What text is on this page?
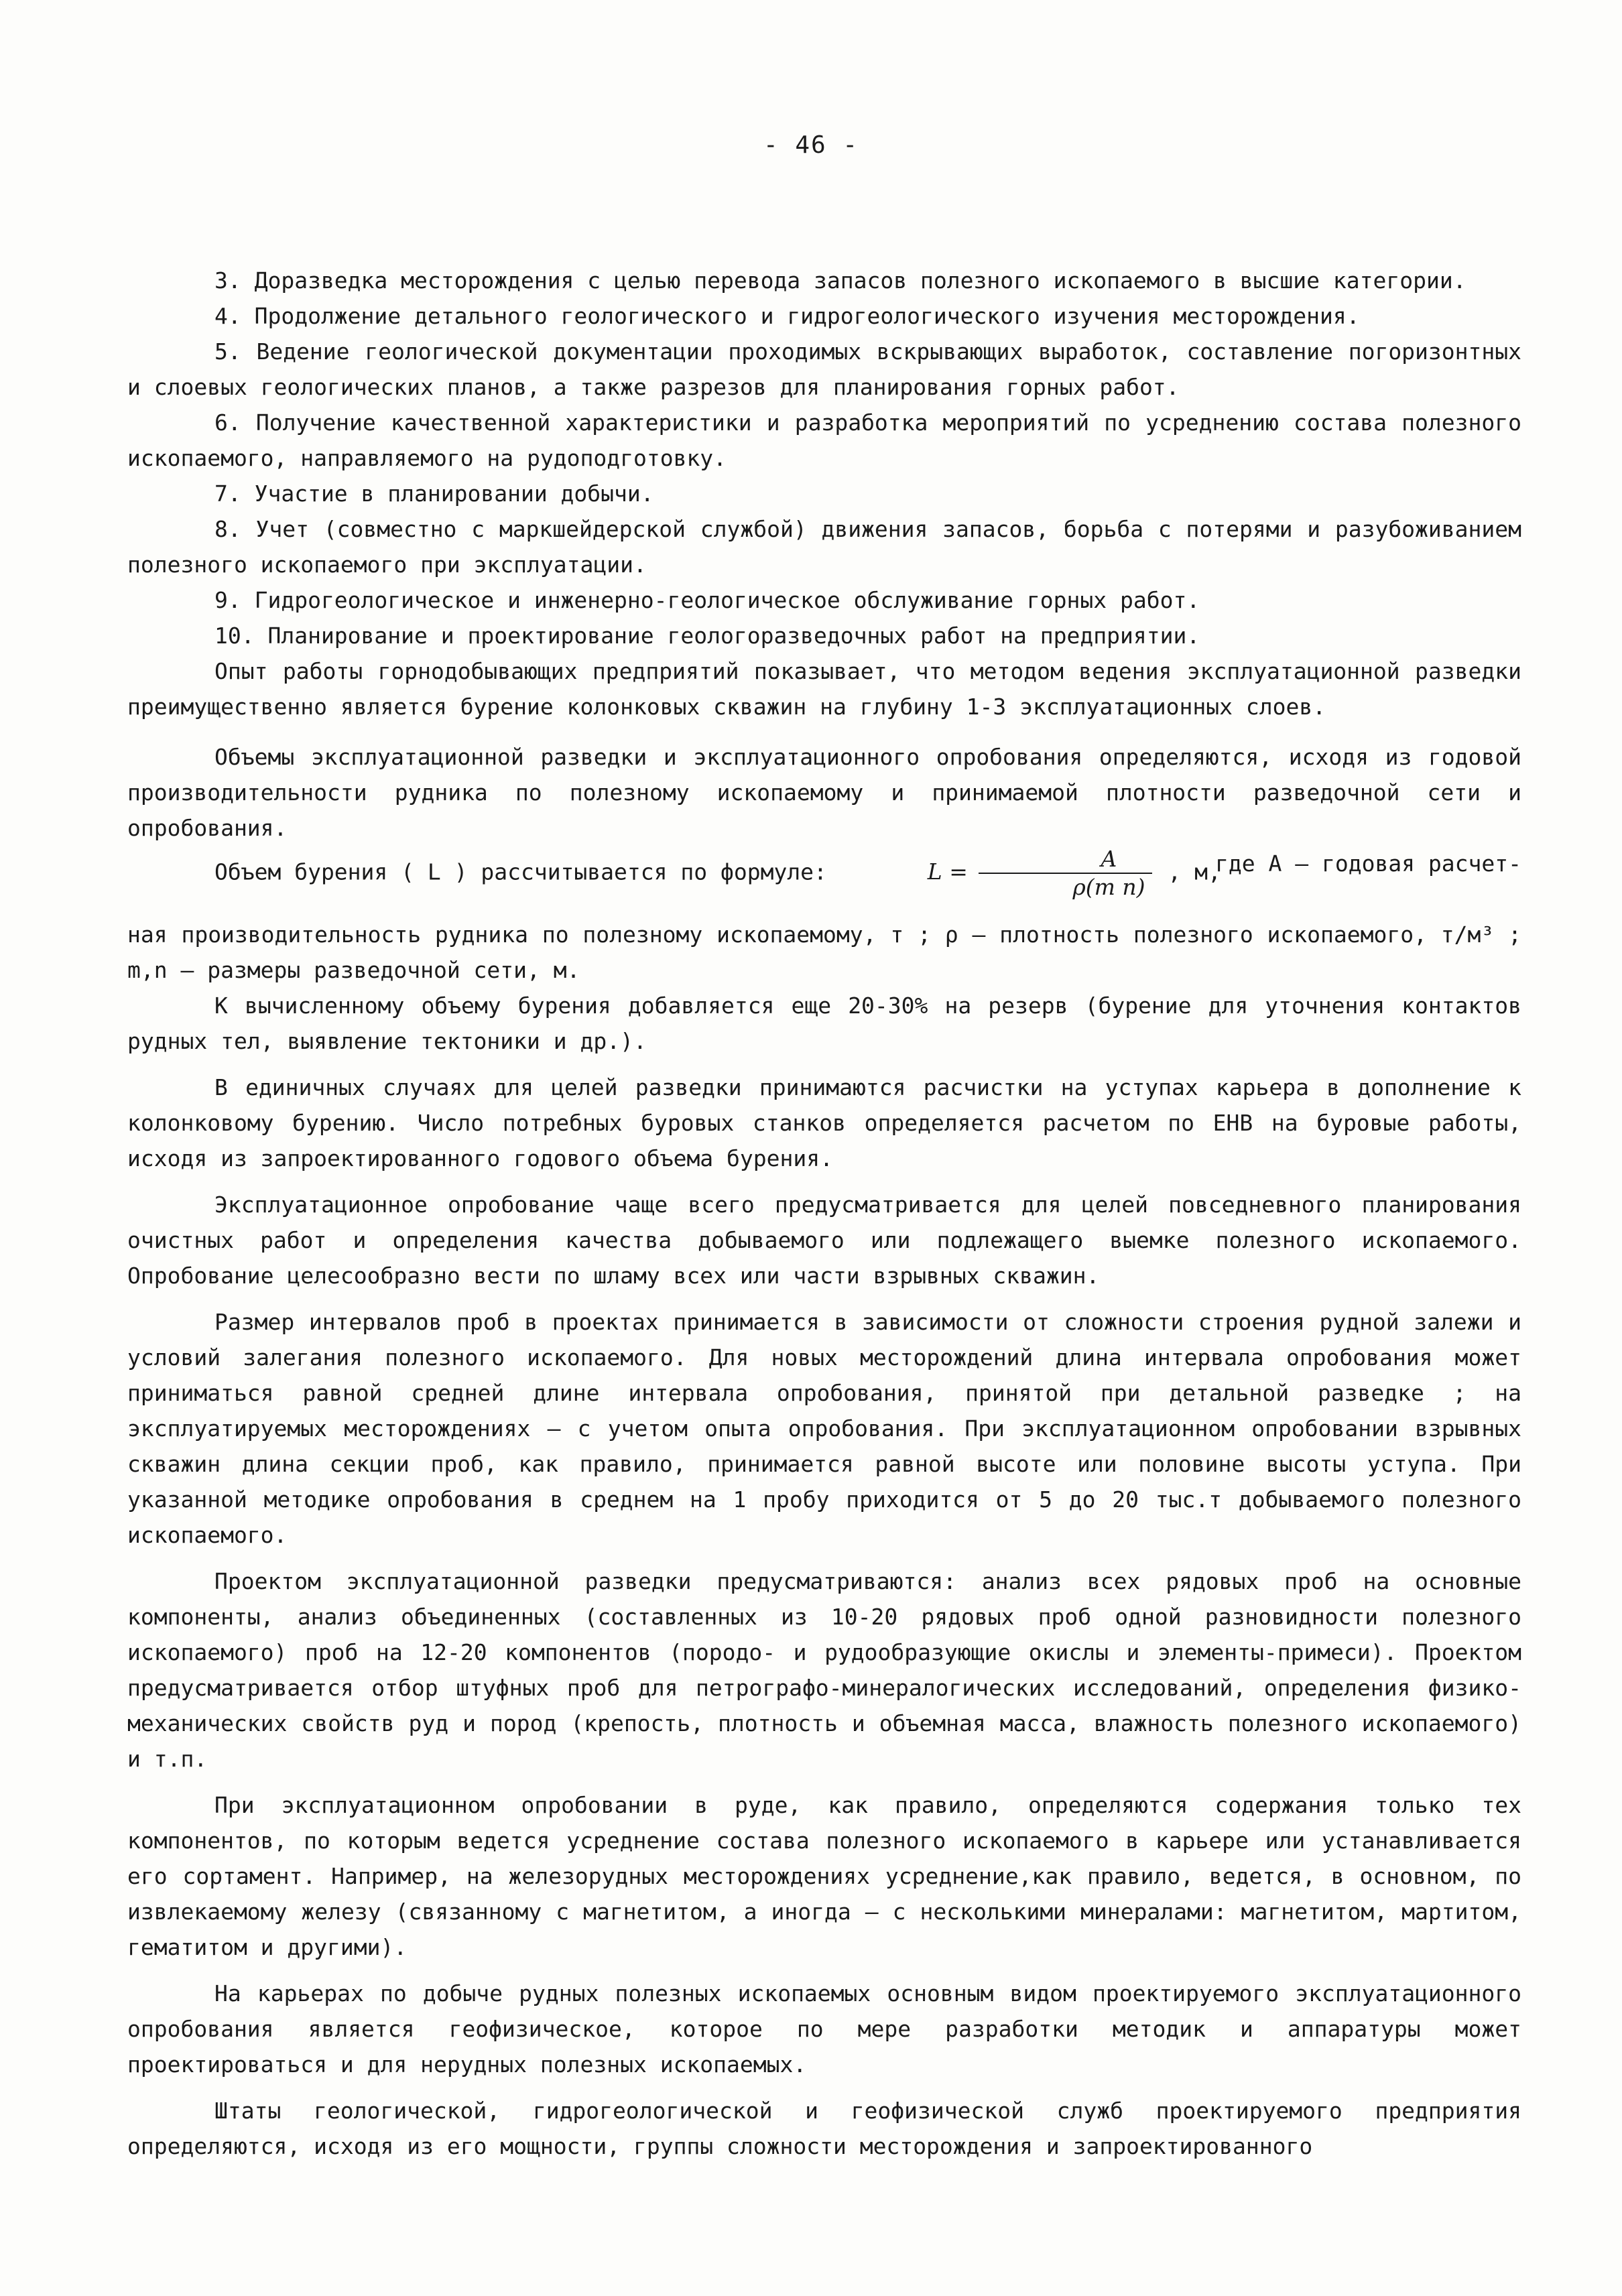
- 46 -

3. Доразведка месторождения с целью перевода запасов полезного ископаемого в высшие категории.

4. Продолжение детального геологического и гидрогеологического изучения месторождения.

5. Ведение геологической документации проходимых вскрывающих выработок, составление погоризонтных и слоевых геологических планов, а также разрезов для планирования горных работ.

6. Получение качественной характеристики и разработка мероприятий по усреднению состава полезного ископаемого, направляемого на рудоподготовку.

7. Участие в планировании добычи.

8. Учет (совместно с маркшейдерской службой) движения запасов, борьба с потерями и разубоживанием полезного ископаемого при эксплуатации.

9. Гидрогеологическое и инженерно-геологическое обслуживание горных работ.

10. Планирование и проектирование геологоразведочных работ на предприятии.

Опыт работы горнодобывающих предприятий показывает, что методом ведения эксплуатационной разведки преимущественно является бурение колонковых скважин на глубину 1-3 эксплуатационных слоев.

Объемы эксплуатационной разведки и эксплуатационного опробования определяются, исходя из годовой производительности рудника по полезному ископаемому и принимаемой плотности разведочной сети и опробования.

Объем бурения ( L ) рассчитывается по формуле:	$L = \frac{A}{\text{ρ(m n)}}$ , м,
где А – годовая расчет-

ная производительность рудника по полезному ископаемому, т ; ρ – плотность полезного ископаемого, т/м³ ; m,n – размеры разведочной сети, м.

К вычисленному объему бурения добавляется еще 20-30% на резерв (бурение для уточнения контактов рудных тел, выявление тектоники и др.).

В единичных случаях для целей разведки принимаются расчистки на уступах карьера в дополнение к колонковому бурению. Число потребных буровых станков определяется расчетом по ЕНВ на буровые работы, исходя из запроектированного годового объема бурения.

Эксплуатационное опробование чаще всего предусматривается для целей повседневного планирования очистных работ и определения качества добываемого или подлежащего выемке полезного ископаемого. Опробование целесообразно вести по шламу всех или части взрывных скважин.

Размер интервалов проб в проектах принимается в зависимости от сложности строения рудной залежи и условий залегания полезного ископаемого. Для новых месторождений длина интервала опробования может приниматься равной средней длине интервала опробования, принятой при детальной разведке ; на эксплуатируемых месторождениях – с учетом опыта опробования. При эксплуатационном опробовании взрывных скважин длина секции проб, как правило, принимается равной высоте или половине высоты уступа. При указанной методике опробования в среднем на 1 пробу приходится от 5 до 20 тыс.т добываемого полезного ископаемого.

Проектом эксплуатационной разведки предусматриваются: анализ всех рядовых проб на основные компоненты, анализ объединенных (составленных из 10-20 рядовых проб одной разновидности полезного ископаемого) проб на 12-20 компонентов (породо- и рудообразующие окислы и элементы-примеси). Проектом предусматривается отбор штуфных проб для петрографо-минералогических исследований, определения физико-механических свойств руд и пород (крепость, плотность и объемная масса, влажность полезного ископаемого) и т.п.

При эксплуатационном опробовании в руде, как правило, определяются содержания только тех компонентов, по которым ведется усреднение состава полезного ископаемого в карьере или устанавливается его сортамент. Например, на железорудных месторождениях усреднение,как правило, ведется, в основном, по извлекаемому железу (связанному с магнетитом, а иногда – с несколькими минералами: магнетитом, мартитом, гематитом и другими).

На карьерах по добыче рудных полезных ископаемых основным видом проектируемого эксплуатационного опробования является геофизическое, которое по мере разработки методик и аппаратуры может проектироваться и для нерудных полезных ископаемых.

Штаты геологической, гидрогеологической и геофизической служб проектируемого предприятия определяются, исходя из его мощности, группы сложности месторождения и запроектированного
